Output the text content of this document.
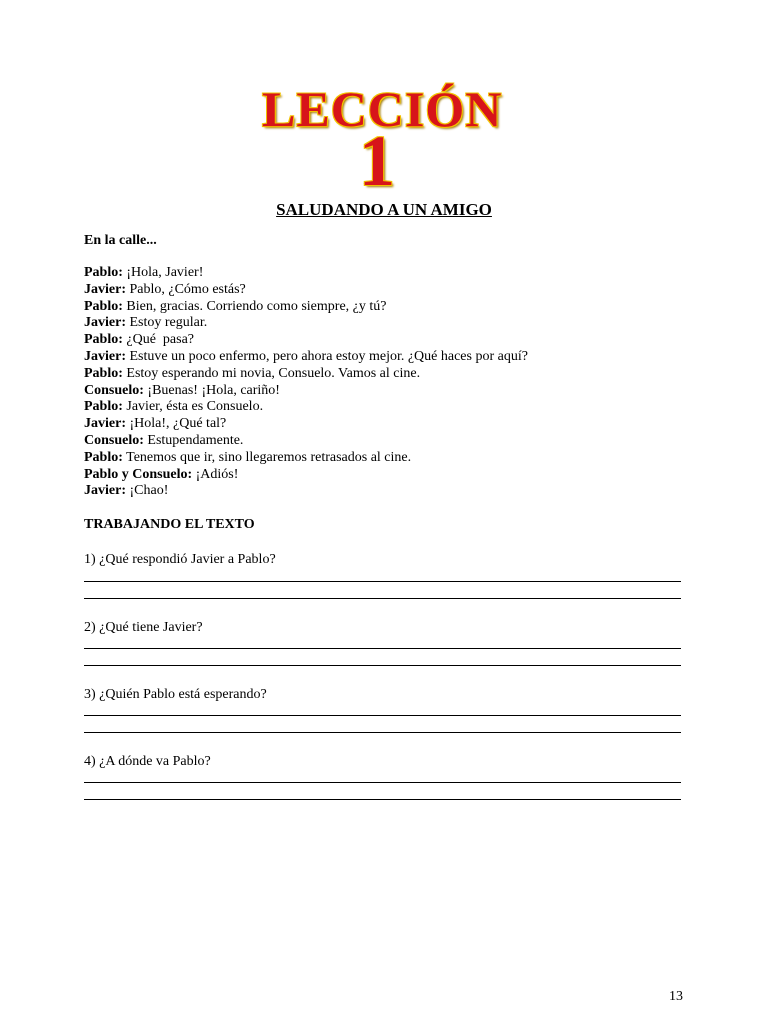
LECCIÓN
1
SALUDANDO A UN AMIGO
En la calle...
Pablo: ¡Hola, Javier!
Javier: Pablo, ¿Cómo estás?
Pablo: Bien, gracias. Corriendo como siempre, ¿y tú?
Javier: Estoy regular.
Pablo: ¿Qué  pasa?
Javier: Estuve un poco enfermo, pero ahora estoy mejor. ¿Qué haces por aquí?
Pablo: Estoy esperando mi novia, Consuelo. Vamos al cine.
Consuelo: ¡Buenas! ¡Hola, cariño!
Pablo: Javier, ésta es Consuelo.
Javier: ¡Hola!, ¿Qué tal?
Consuelo: Estupendamente.
Pablo: Tenemos que ir, sino llegaremos retrasados al cine.
Pablo y Consuelo: ¡Adiós!
Javier: ¡Chao!
TRABAJANDO EL TEXTO
1) ¿Qué respondió Javier a Pablo?
2) ¿Qué tiene Javier?
3) ¿Quién Pablo está esperando?
4) ¿A dónde va Pablo?
13
